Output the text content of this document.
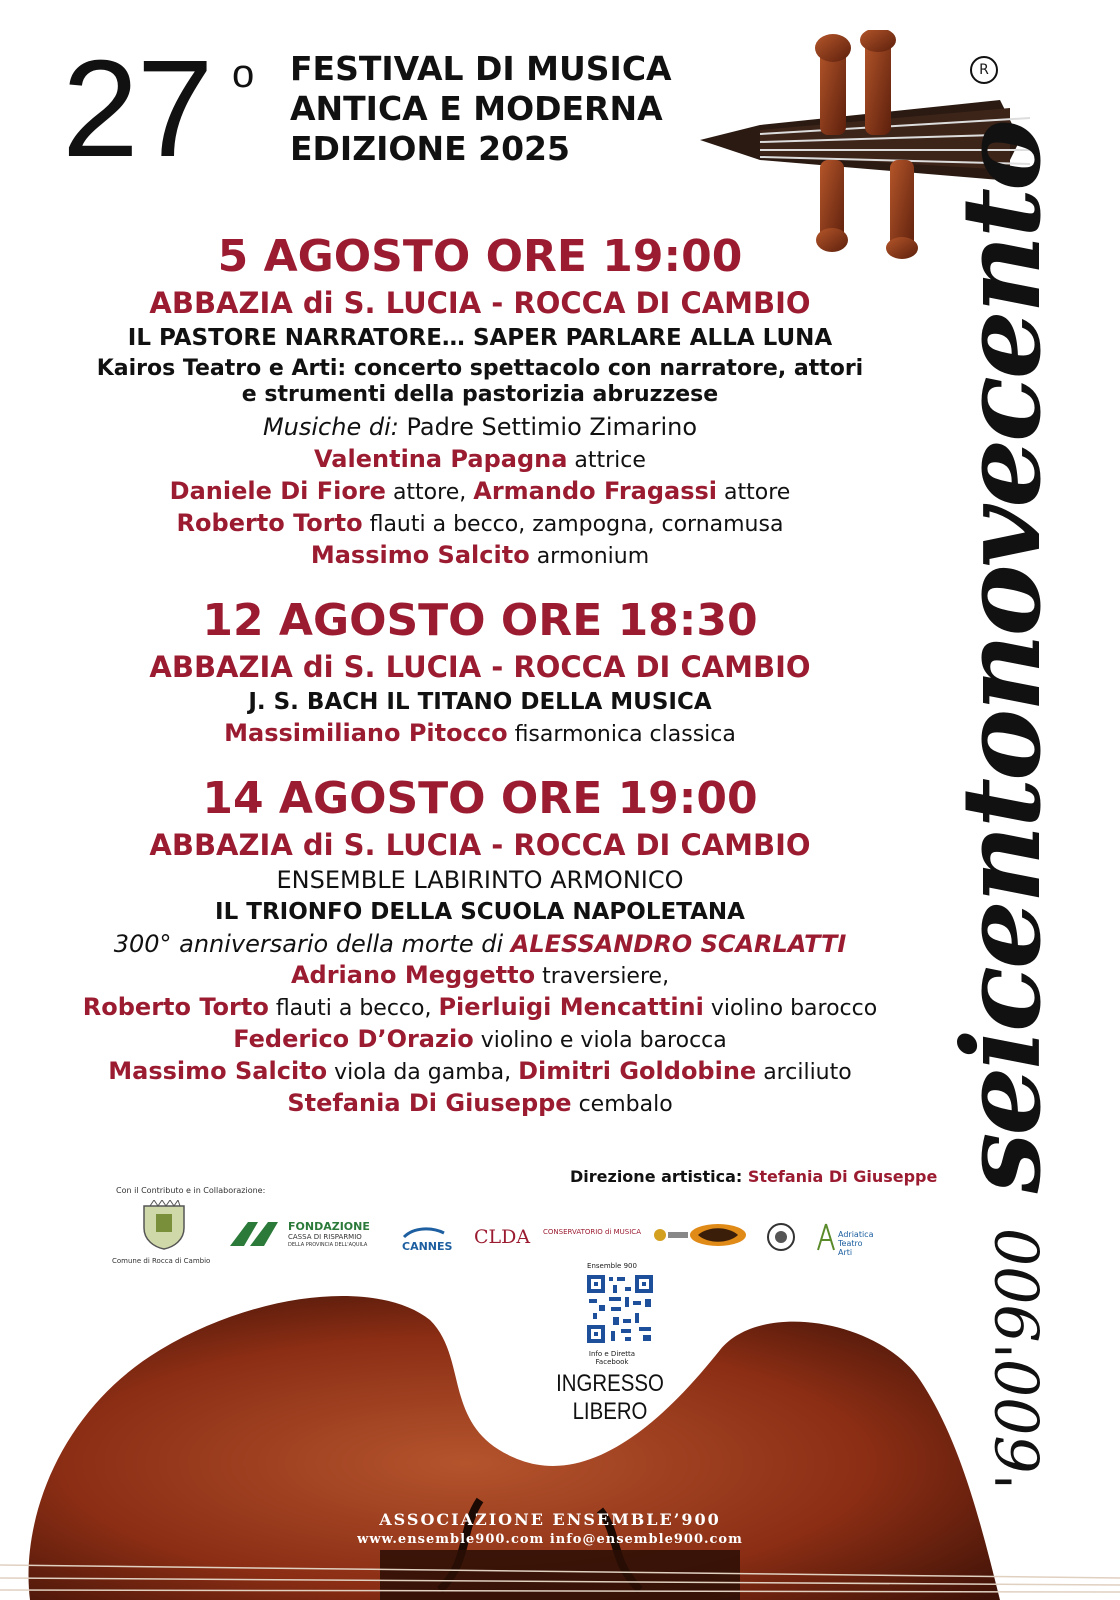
27 o FESTIVAL DI MUSICA
ANTICA E MODERNA
EDIZIONE 2025
5 AGOSTO ORE 19:00
ABBAZIA di S. LUCIA - ROCCA DI CAMBIO
IL PASTORE NARRATORE… SAPER PARLARE ALLA LUNA
Kairos Teatro e Arti: concerto spettacolo con narratore, attori
e strumenti della pastorizia abruzzese
Musiche di: Padre Settimio Zimarino
Valentina Papagna attrice
Daniele Di Fiore attore, Armando Fragassi attore
Roberto Torto flauti a becco, zampogna, cornamusa
Massimo Salcito armonium
12 AGOSTO ORE 18:30
ABBAZIA di S. LUCIA - ROCCA DI CAMBIO
J. S. BACH IL TITANO DELLA MUSICA
Massimiliano Pitocco fisarmonica classica
14 AGOSTO ORE 19:00
ABBAZIA di S. LUCIA - ROCCA DI CAMBIO
ENSEMBLE LABIRINTO ARMONICO
IL TRIONFO DELLA SCUOLA NAPOLETANA
300° anniversario della morte di ALESSANDRO SCARLATTI
Adriano Meggetto traversiere,
Roberto Torto flauti a becco, Pierluigi Mencattini violino barocco
Federico D’Orazio violino e viola barocca
Massimo Salcito viola da gamba, Dimitri Goldobine arciliuto
Stefania Di Giuseppe cembalo
'600'900 seicentonovecento
R
Direzione artistica: Stefania Di Giuseppe
Con il Contributo e in Collaborazione:
Comune di Rocca di Cambio
FONDAZIONE
CASSA DI RISPARMIO
DELLA PROVINCIA DELL'AQUILA	CANNES CLDA CONSERVATORIO di MUSICA	Adriatica Teatro Arti
Ensemble 900
Info e Diretta Facebook
INGRESSO LIBERO
ASSOCIAZIONE ENSEMBLE’900
www.ensemble900.com info@ensemble900.com
